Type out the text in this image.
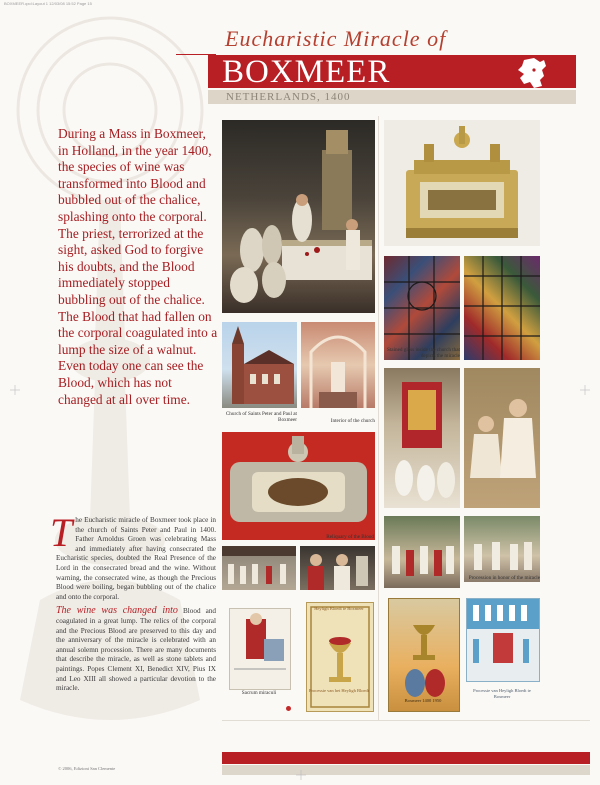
BOXMEER.qxd:Layout 1 12/03/08 15:52 Page 15
Eucharistic Miracle of
BOXMEER
NETHERLANDS, 1400
During a Mass in Boxmeer, in Holland, in the year 1400, the species of wine was transformed into Blood and bubbled out of the chalice, splashing onto the corporal. The priest, terrorized at the sight, asked God to forgive his doubts, and the Blood immediately stopped bubbling out of the chalice. The Blood that had fallen on the corporal coagulated into a lump the size of a walnut. Even today one can see the Blood, which has not changed at all over time.

The Eucharistic miracle of Boxmeer took place in the church of Saints Peter and Paul in 1400. Father Arnoldus Groen was celebrating Mass and immediately after having consecrated the Eucharistic species, doubted the Real Presence of the Lord in the consecrated bread and the wine. Without warning, the consecrated wine, as though the Precious Blood were boiling, began bubbling out of the chalice and onto the corporal.

The wine was changed into Blood and coagulated in a great lump. The relics of the corporal and the Precious Blood are preserved to this day and the anniversary of the miracle is celebrated with an annual solemn procession. There are many documents that describe the miracle, as well as stone tablets and paintings. Popes Clement XI, Benedict XIV, Pius IX and Leo XIII all showed a particular devotion to the miracle.

© 2006, Edizioni San Clemente
Stained glass inside the church that depicts the miracle
Church of Saints Peter and Paul at Boxmeer	Interior of the church
Reliquary of the Blood
Procession in honor of the miracle
Sacrum miraculi
Heyligh Bloedt te Boxmeer
Processie van het Heyligh Bloedt
Boxmeer 1400 1950
Processie van Heyligh Bloedt te Boxmeer
